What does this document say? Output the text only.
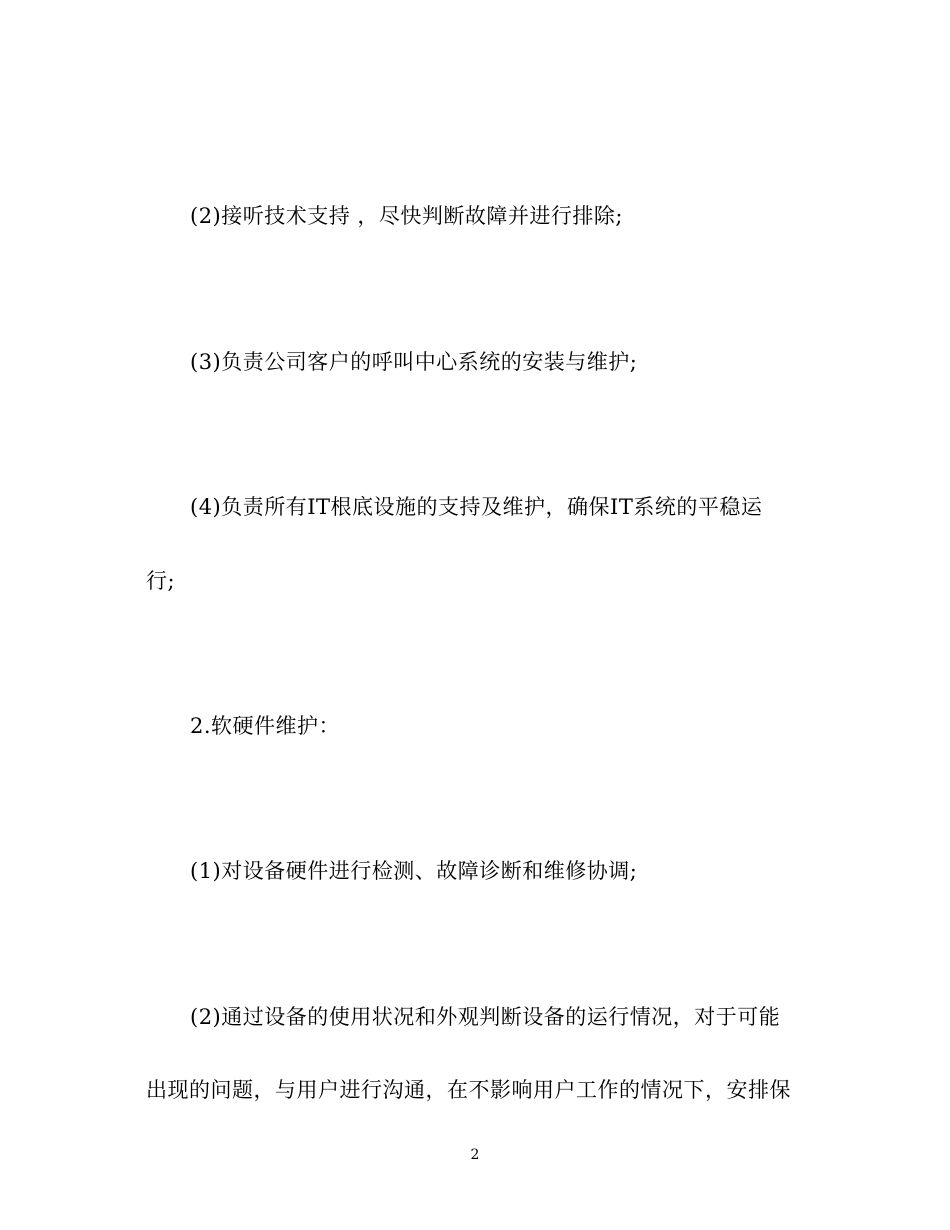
(2)接听技术支持 ，尽快判断故障并进行排除;
(3)负责公司客户的呼叫中心系统的安装与维护;
(4)负责所有IT根底设施的支持及维护，确保IT系统的平稳运
行;
2.软硬件维护：
(1)对设备硬件进行检测、故障诊断和维修协调;
(2)通过设备的使用状况和外观判断设备的运行情况，对于可能
出现的问题，与用户进行沟通，在不影响用户工作的情况下，安排保
2
